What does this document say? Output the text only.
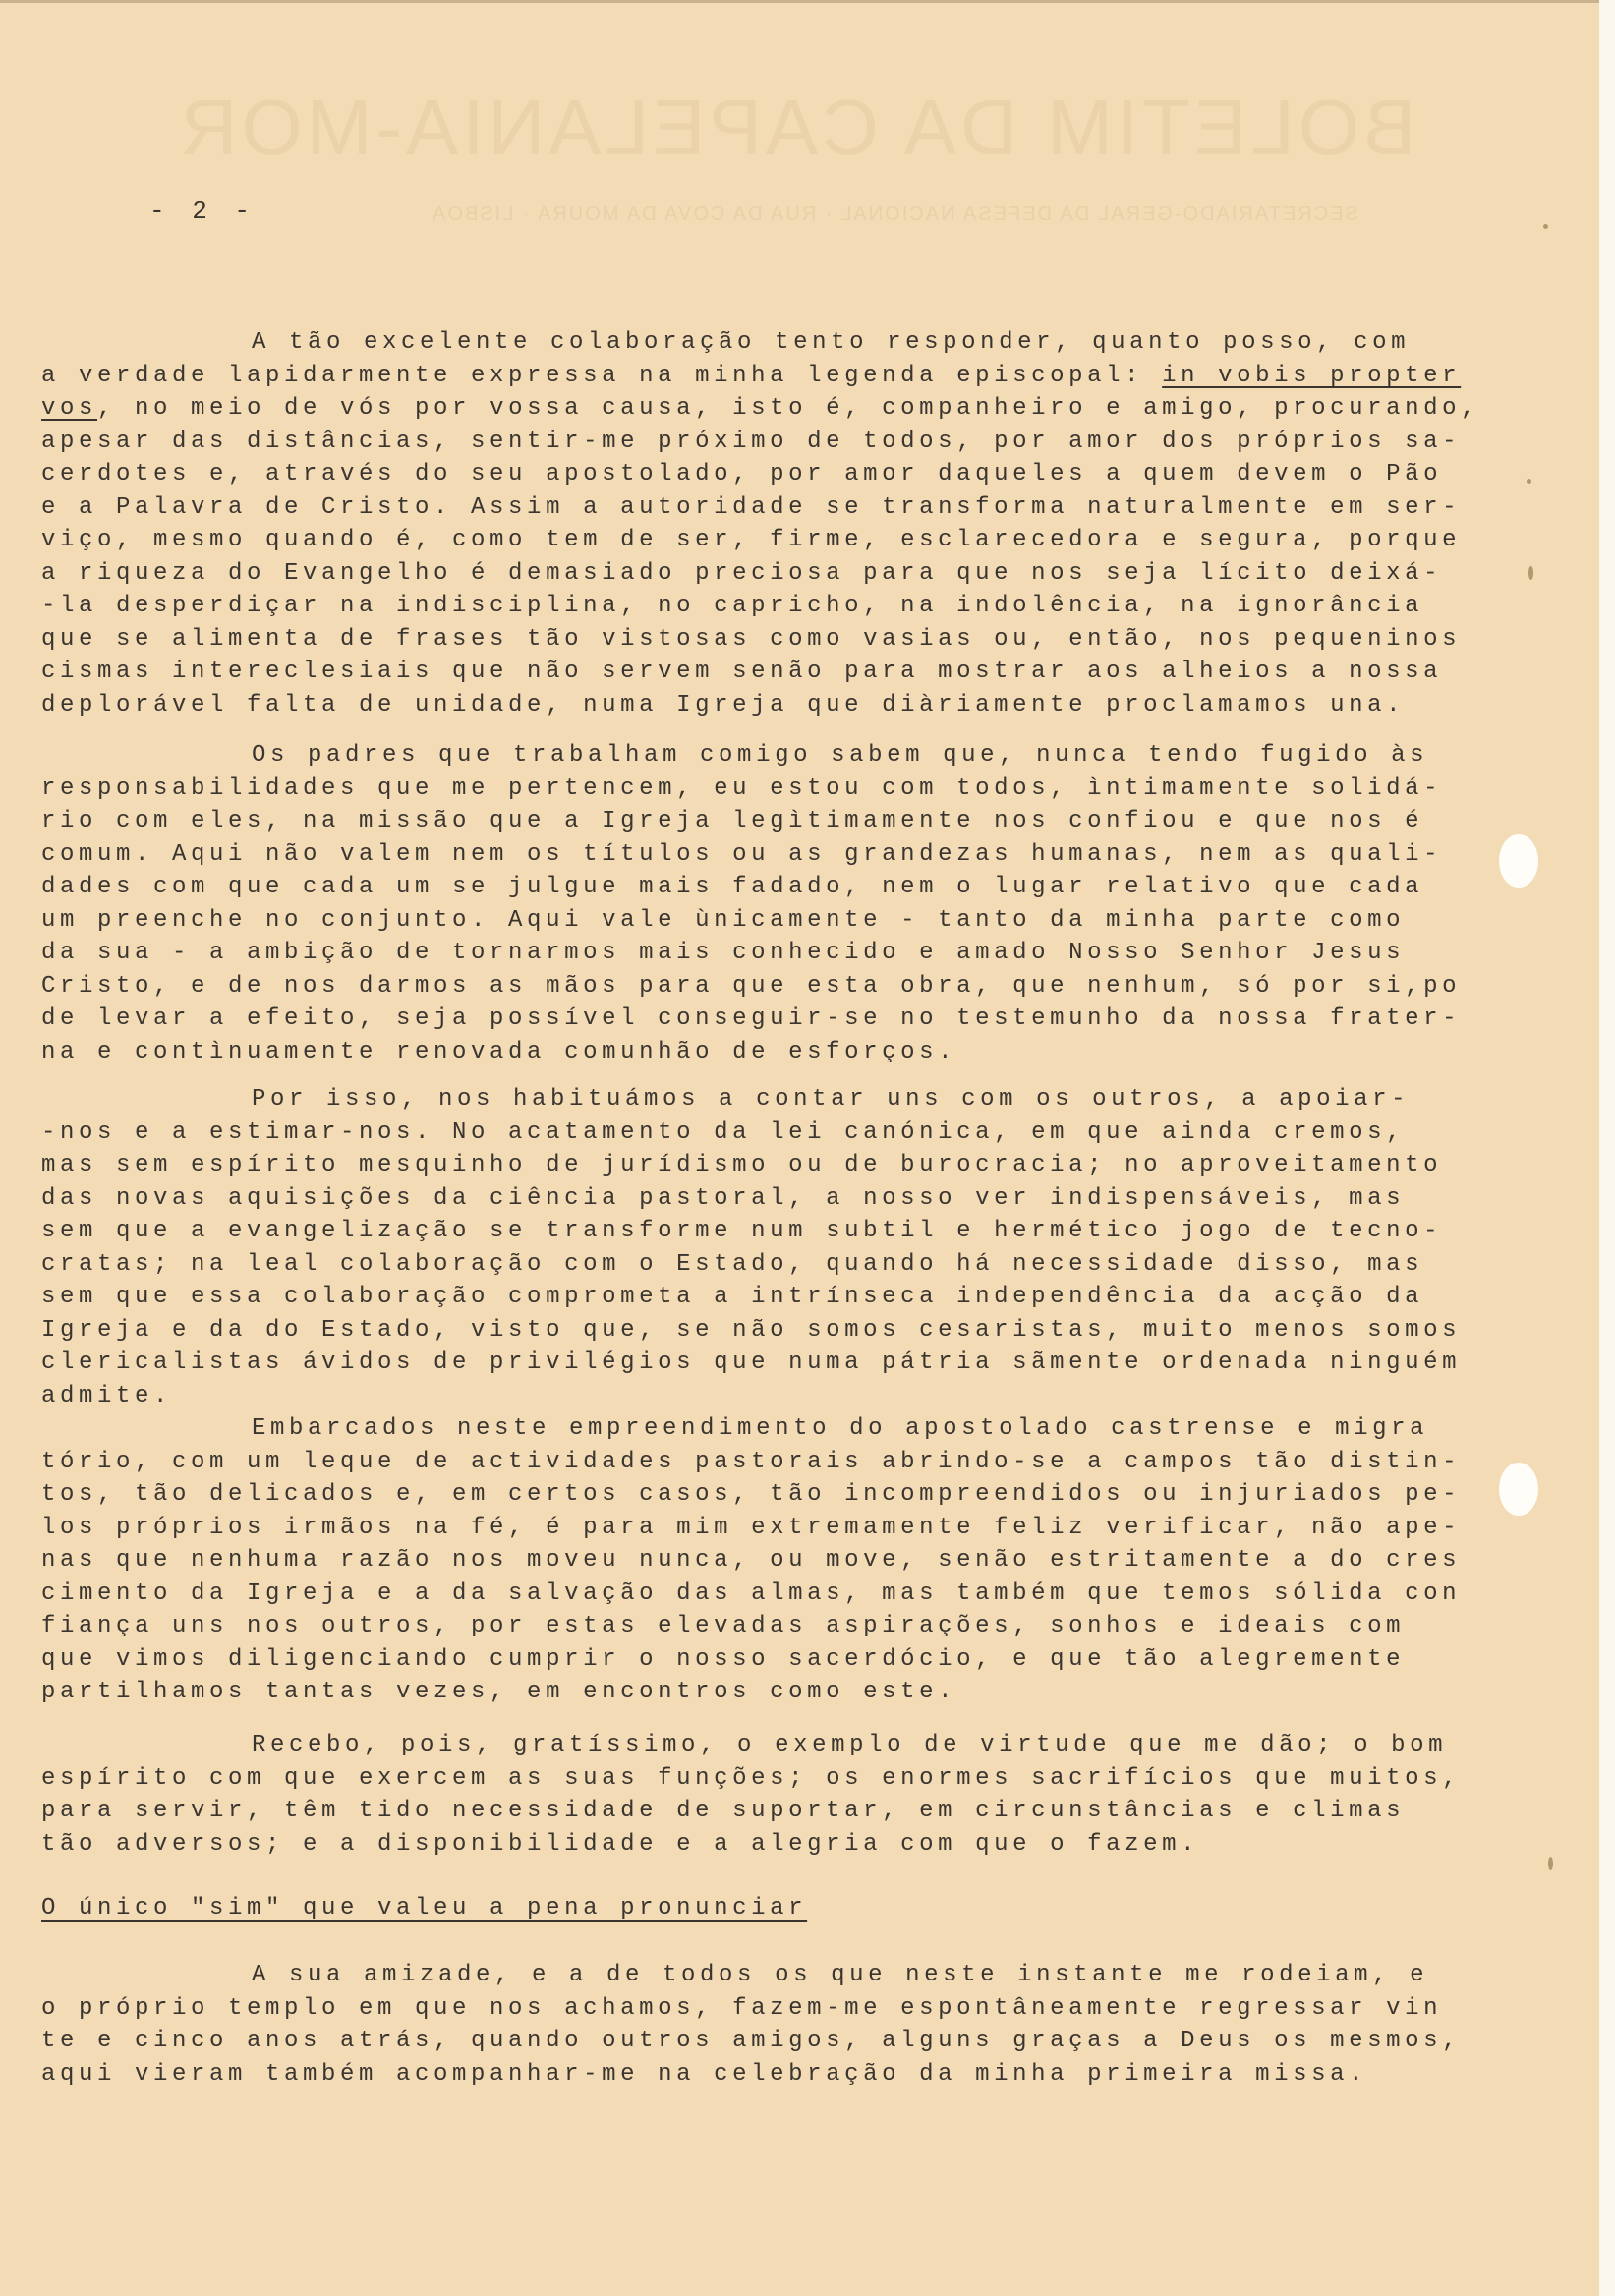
BOLETIM DA CAPELANIA-MOR
SECRETARIADO-GERAL DA DEFESA NACIONAL · RUA DA COVA DA MOURA · LISBOA
- 2 -
A tão excelente colaboração tento responder, quanto posso, com
a verdade lapidarmente expressa na minha legenda episcopal: in vobis propter
vos, no meio de vós por vossa causa, isto é, companheiro e amigo, procurando,
apesar das distâncias, sentir-me próximo de todos, por amor dos próprios sa-
cerdotes e, através do seu apostolado, por amor daqueles a quem devem o Pão
e a Palavra de Cristo. Assim a autoridade se transforma naturalmente em ser-
viço, mesmo quando é, como tem de ser, firme, esclarecedora e segura, porque
a riqueza do Evangelho é demasiado preciosa para que nos seja lícito deixá-
-la desperdiçar na indisciplina, no capricho, na indolência, na ignorância
que se alimenta de frases tão vistosas como vasias ou, então, nos pequeninos
cismas intereclesiais que não servem senão para mostrar aos alheios a nossa
deplorável falta de unidade, numa Igreja que diàriamente proclamamos una.
Os padres que trabalham comigo sabem que, nunca tendo fugido às
responsabilidades que me pertencem, eu estou com todos, ìntimamente solidá-
rio com eles, na missão que a Igreja legìtimamente nos confiou e que nos é
comum. Aqui não valem nem os títulos ou as grandezas humanas, nem as quali-
dades com que cada um se julgue mais fadado, nem o lugar relativo que cada
um preenche no conjunto. Aqui vale ùnicamente - tanto da minha parte como
da sua - a ambição de tornarmos mais conhecido e amado Nosso Senhor Jesus
Cristo, e de nos darmos as mãos para que esta obra, que nenhum, só por si,po
de levar a efeito, seja possível conseguir-se no testemunho da nossa frater-
na e contìnuamente renovada comunhão de esforços.
Por isso, nos habituámos a contar uns com os outros, a apoiar-
-nos e a estimar-nos. No acatamento da lei canónica, em que ainda cremos,
mas sem espírito mesquinho de jurídismo ou de burocracia; no aproveitamento
das novas aquisições da ciência pastoral, a nosso ver indispensáveis, mas
sem que a evangelização se transforme num subtil e hermético jogo de tecno-
cratas; na leal colaboração com o Estado, quando há necessidade disso, mas
sem que essa colaboração comprometa a intrínseca independência da acção da
Igreja e da do Estado, visto que, se não somos cesaristas, muito menos somos
clericalistas ávidos de privilégios que numa pátria sãmente ordenada ninguém
admite.
Embarcados neste empreendimento do apostolado castrense e migra
tório, com um leque de actividades pastorais abrindo-se a campos tão distin-
tos, tão delicados e, em certos casos, tão incompreendidos ou injuriados pe-
los próprios irmãos na fé, é para mim extremamente feliz verificar, não ape-
nas que nenhuma razão nos moveu nunca, ou move, senão estritamente a do cres
cimento da Igreja e a da salvação das almas, mas também que temos sólida con
fiança uns nos outros, por estas elevadas aspirações, sonhos e ideais com
que vimos diligenciando cumprir o nosso sacerdócio, e que tão alegremente
partilhamos tantas vezes, em encontros como este.
Recebo, pois, gratíssimo, o exemplo de virtude que me dão; o bom
espírito com que exercem as suas funções; os enormes sacrifícios que muitos,
para servir, têm tido necessidade de suportar, em circunstâncias e climas
tão adversos; e a disponibilidade e a alegria com que o fazem.
O único "sim" que valeu a pena pronunciar
A sua amizade, e a de todos os que neste instante me rodeiam, e
o próprio templo em que nos achamos, fazem-me espontâneamente regressar vin
te e cinco anos atrás, quando outros amigos, alguns graças a Deus os mesmos,
aqui vieram também acompanhar-me na celebração da minha primeira missa.
